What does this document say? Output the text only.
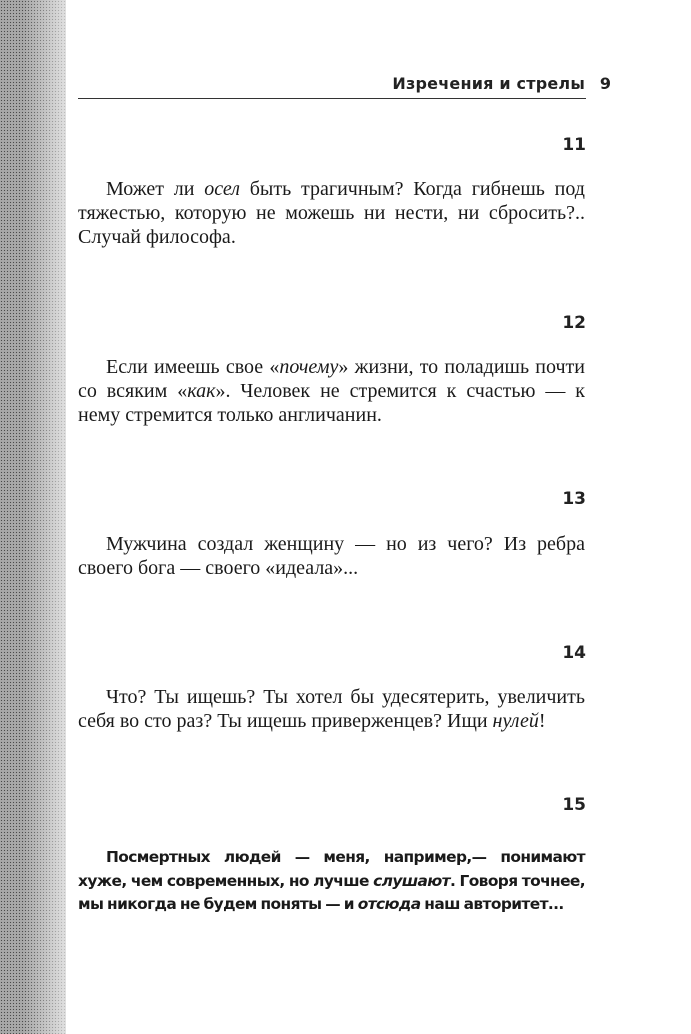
Изречения и стрелы 9
11

Может ли осел быть трагичным? Когда гибнешь под тяжестью, которую не можешь ни нести, ни сбросить?.. Случай философа.

12

Если имеешь свое «почему» жизни, то поладишь почти со всяким «как». Человек не стремится к счастью — к нему стремится только англичанин.

13

Мужчина создал женщину — но из чего? Из ребра своего бога — своего «идеала»...

14

Что? Ты ищешь? Ты хотел бы удесятерить, увеличить себя во сто раз? Ты ищешь приверженцев? Ищи нулей!

15

Посмертных людей — меня, например,— понимают хуже, чем современных, но лучше слушают. Говоря точнее, мы никогда не будем поняты — и отсюда наш авторитет...
